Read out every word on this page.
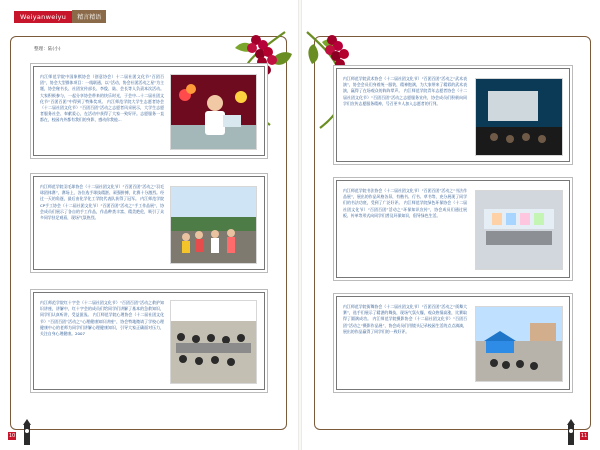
Weiyanweiyu	精言精语
整理：陆(小)
内江师范学院中国象棋协会（创意协会）十二届社团文化节“百团百团”，协会大型群体项目：一线联通，以“活动，协会社团活动之星”为主题，协会秘书长、社团宣传部长、李俊、陆、会长等人负责本次活动。大家积极参与，一起分享协会带来的快乐时光，于会中…十二届社团文化节“百团百团”中得到了特殊奖项。 内江师范学院大学生志愿者协会（十二届社团文化节）“百团百团”活动之志愿者风采展示，大学生志愿者服务社会、奉献爱心，在活动中获得了大家一致好评。志愿服务一直都在，校园内外都有我们的身影，感动你我他…
内江师范学院羽毛球协会（十二届社团文化节）“百团百团”活动之“羽毛球团体赛”，赛场上，各位选手球技精湛、顽强拼搏，比赛十分激烈。经过一天的角逐，最后由化学化工学院代表队获得了冠军。 内江师范学院CP手工协会（十二届社团文化节）“百团百团”活动之“手工作品展”，协会成员们展示了各自的手工作品，作品种类丰富、精美绝伦，吸引了众多同学驻足观看，现场气氛热烈。
内江师范学院红十字会（十二届社团文化节）“百团百团”活动之救护知识讲座，讲解中，红十字会的成员们给同学们讲解了基本的急救知识，同学们认真听讲，受益匪浅。 内江师范学院心理协会（十二届社团文化节）“百团百团”活动之“心理健康知识讲座”，协会特地邀请了学校心理健康中心的老师为同学们讲解心理健康知识，引导大家正确面对压力，关注自身心理健康。2007
10
内江师范学院武术协会（十二届社团文化节）“百团百团”活动之“武术表演”，协会会员们身着统一服装，精神饱满，为大家带来了精彩的武术表演，赢得了在场观众的阵阵掌声。 内江师范学院青年志愿者协会（十二届社团文化节）“百团百团”活动之志愿服务宣传，协会成员们积极向同学们宣传志愿服务精神，号召更多人加入志愿者的行列。
内江师范学院书法协会（十二届社团文化节）“百团百团”活动之“书法作品展”，展出的作品风格各异，有楷书、行书、草书等，充分展现了同学们的书法功底，受到了广泛好评。 内江师范学院绿色环保协会（十二届社团文化节）“百团百团”活动之“环保知识宣传”，协会成员们通过展板、传单等形式向同学们普及环保知识，倡导绿色生活。
内江师范学院街舞协会（十二届社团文化节）“百团百团”活动之“街舞大赛”，选手们展示了精湛的舞技，现场气氛火爆，观众热情高涨，比赛取得了圆满成功。 内江师范学院摄影协会（十二届社团文化节）“百团百团”活动之“摄影作品展”，协会成员们用镜头记录校园生活的点点滴滴，展出的作品赢得了同学们的一致好评。
11
